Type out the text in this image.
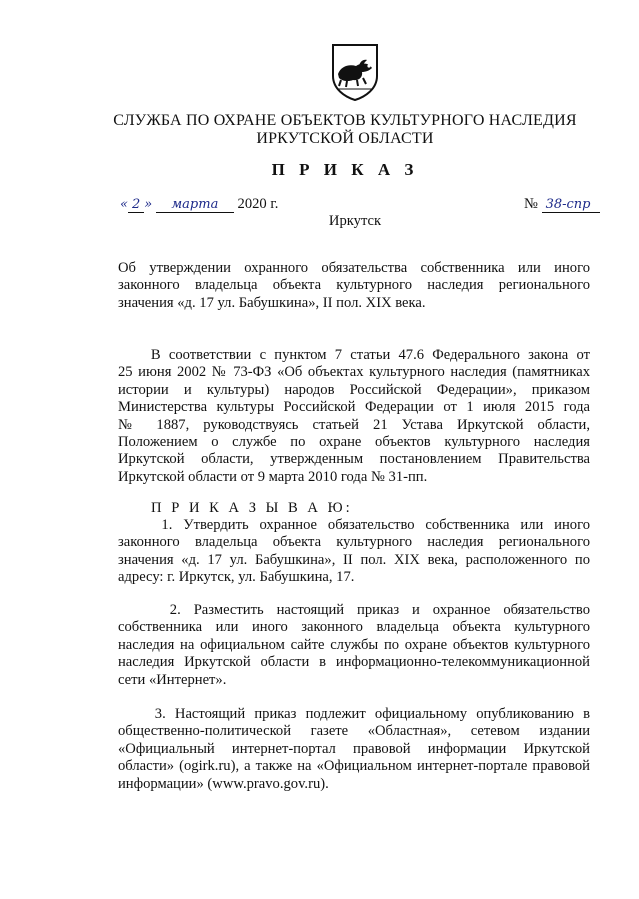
СЛУЖБА ПО ОХРАНЕ ОБЪЕКТОВ КУЛЬТУРНОГО НАСЛЕДИЯ
ИРКУТСКОЙ ОБЛАСТИ
П Р И К А З
« 2 » марта 2020 г.	№ 38-спр
Иркутск
Об утверждении охранного обязательства собственника или иного
законного владельца объекта культурного наследия регионального
значения «д. 17 ул. Бабушкина», II пол. XIX века.
В соответствии с пунктом 7 статьи 47.6 Федерального закона от
25 июня 2002 № 73-ФЗ «Об объектах культурного наследия (памятниках
истории и культуры) народов Российской Федерации», приказом
Министерства культуры Российской Федерации от 1 июля 2015 года
№ 1887, руководствуясь статьей 21 Устава Иркутской области,
Положением о службе по охране объектов культурного наследия
Иркутской области, утвержденным постановлением Правительства
Иркутской области от 9 марта 2010 года № 31-пп.
П Р И К А З Ы В А Ю:
1. Утвердить охранное обязательство собственника или иного
законного владельца объекта культурного наследия регионального
значения «д. 17 ул. Бабушкина», II пол. XIX века, расположенного по
адресу: г. Иркутск, ул. Бабушкина, 17.
2. Разместить настоящий приказ и охранное обязательство
собственника или иного законного владельца объекта культурного
наследия на официальном сайте службы по охране объектов культурного
наследия Иркутской области в информационно-телекоммуникационной
сети «Интернет».
3. Настоящий приказ подлежит официальному опубликованию в
общественно-политической газете «Областная», сетевом издании
«Официальный интернет-портал правовой информации Иркутской
области» (ogirk.ru), а также на «Официальном интернет-портале правовой
информации» (www.pravo.gov.ru).
